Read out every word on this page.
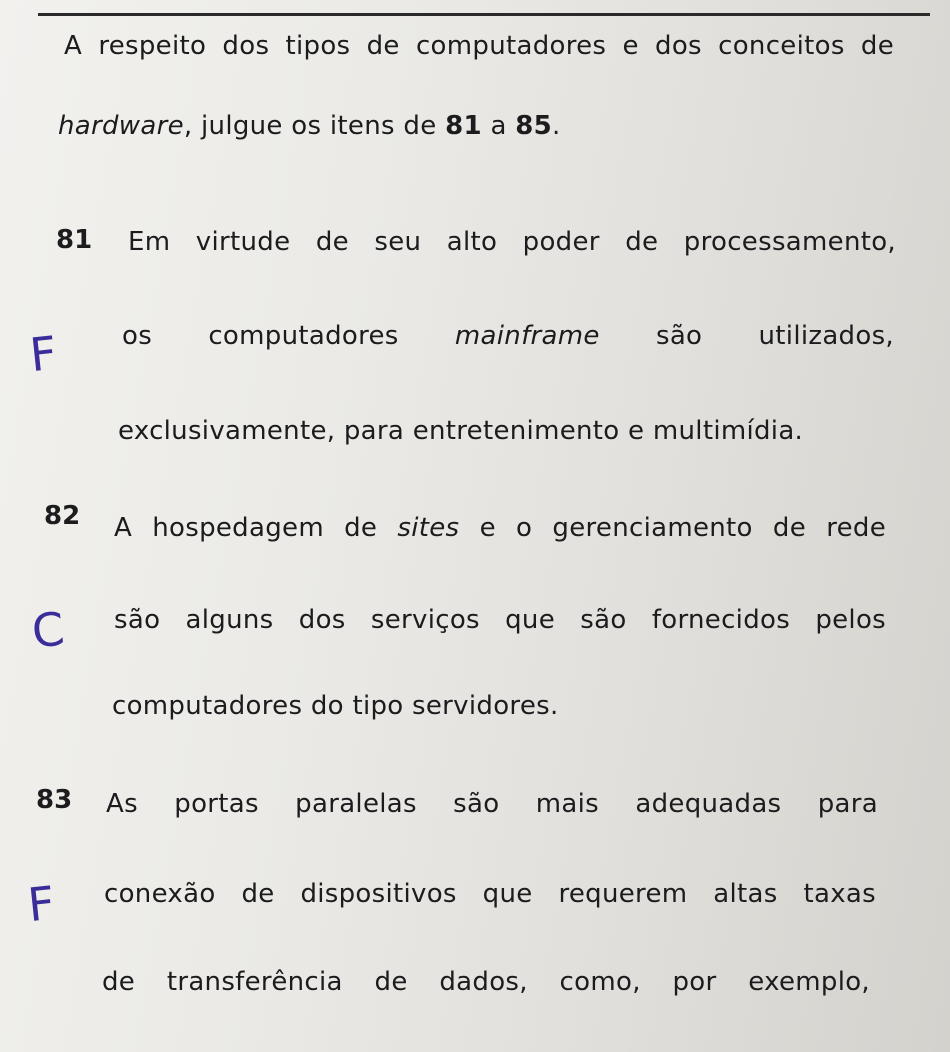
A respeito dos tipos de computadores e dos conceitos de
hardware, julgue os itens de 81 a 85.
81
F
Em virtude de seu alto poder de processamento,
os computadores mainframe são utilizados,
exclusivamente, para entretenimento e multimídia.
82
C
A hospedagem de sites e o gerenciamento de rede
são alguns dos serviços que são fornecidos pelos
computadores do tipo servidores.
83
F
As portas paralelas são mais adequadas para
conexão de dispositivos que requerem altas taxas
de transferência de dados, como, por exemplo,
